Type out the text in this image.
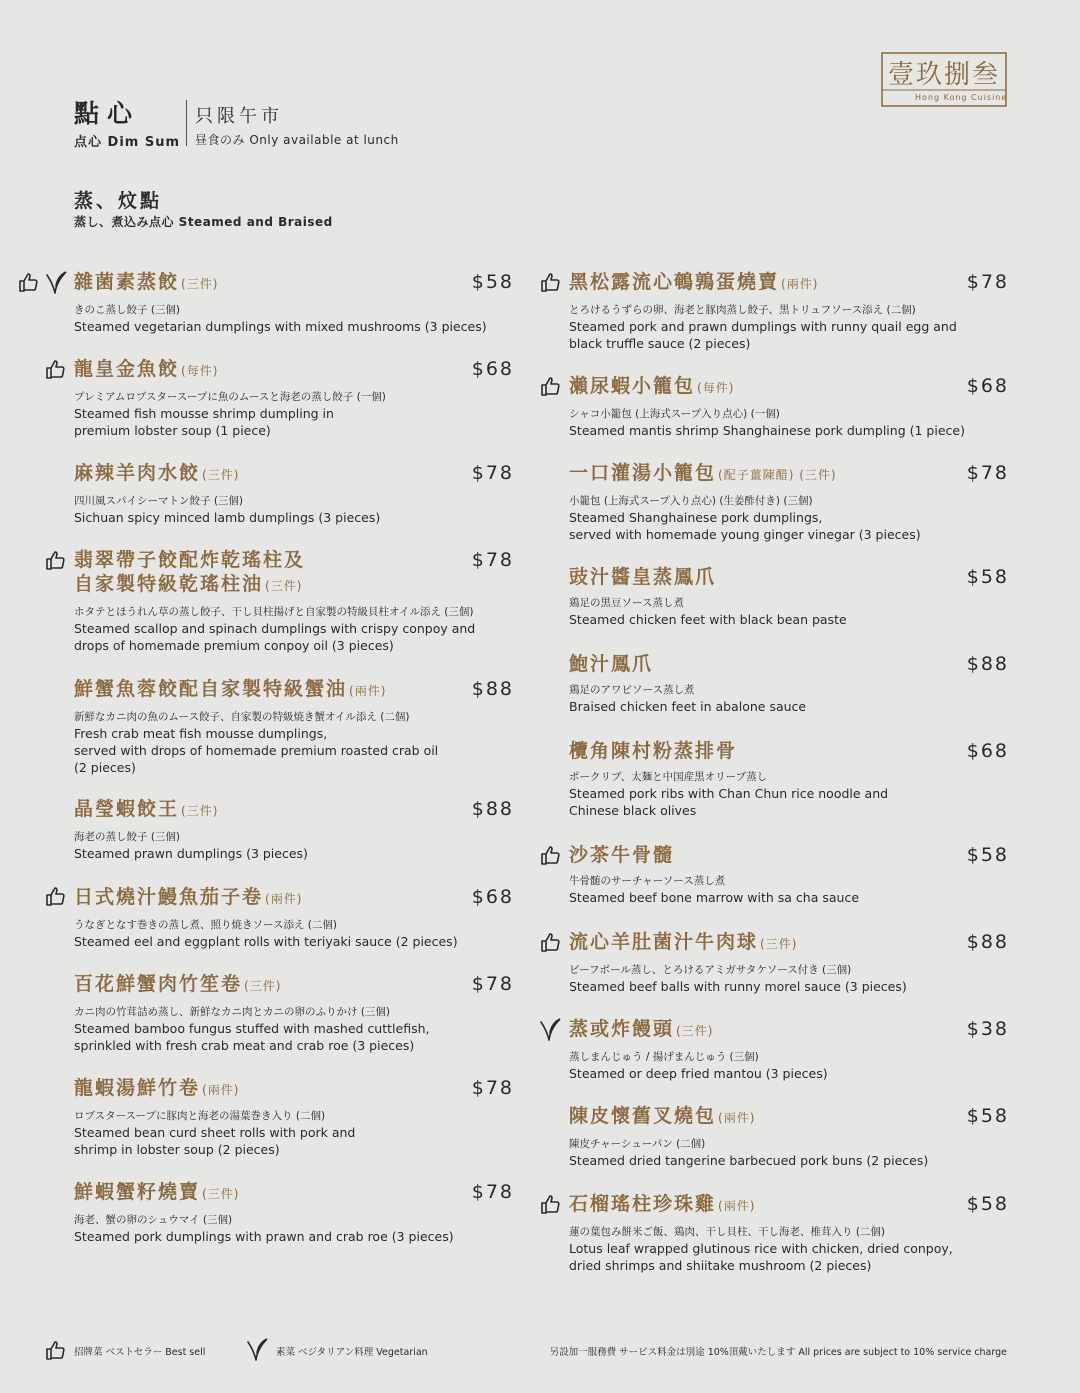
壹玖捌叁
Hong Kong Cuisine
點心
点心 Dim Sum
只限午市
昼食のみ Only available at lunch
蒸、炆點
蒸し、煮込み点心 Steamed and Braised
雜菌素蒸餃 (三件)	$58
きのこ蒸し餃子 (三個)
Steamed vegetarian dumplings with mixed mushrooms (3 pieces)
龍皇金魚餃 (每件)	$68
プレミアムロブスタースープに魚のムースと海老の蒸し餃子 (一個)
Steamed fish mousse shrimp dumpling in
premium lobster soup (1 piece)
麻辣羊肉水餃 (三件)	$78
四川風スパイシーマトン餃子 (三個)
Sichuan spicy minced lamb dumplings (3 pieces)
翡翠帶子餃配炸乾瑤柱及
自家製特級乾瑤柱油 (三件)
$78
ホタテとほうれん草の蒸し餃子、干し貝柱揚げと自家製の特級貝柱オイル添え (三個)
Steamed scallop and spinach dumplings with crispy conpoy and
drops of homemade premium conpoy oil (3 pieces)
鮮蟹魚蓉餃配自家製特級蟹油 (兩件)	$88
新鮮なカニ肉の魚のムース餃子、自家製の特級焼き蟹オイル添え (二個)
Fresh crab meat fish mousse dumplings,
served with drops of homemade premium roasted crab oil
(2 pieces)
晶瑩蝦餃王 (三件)	$88
海老の蒸し餃子 (三個)
Steamed prawn dumplings (3 pieces)
日式燒汁鰻魚茄子卷 (兩件)	$68
うなぎとなす巻きの蒸し煮、照り焼きソース添え (二個)
Steamed eel and eggplant rolls with teriyaki sauce (2 pieces)
百花鮮蟹肉竹笙卷 (三件)	$78
カニ肉の竹茸詰め蒸し、新鮮なカニ肉とカニの卵のふりかけ (三個)
Steamed bamboo fungus stuffed with mashed cuttlefish,
sprinkled with fresh crab meat and crab roe (3 pieces)
龍蝦湯鮮竹卷 (兩件)	$78
ロブスタースープに豚肉と海老の湯葉巻き入り (二個)
Steamed bean curd sheet rolls with pork and
shrimp in lobster soup (2 pieces)
鮮蝦蟹籽燒賣 (三件)	$78
海老、蟹の卵のシュウマイ (三個)
Steamed pork dumplings with prawn and crab roe (3 pieces)
黑松露流心鵪鶉蛋燒賣 (兩件)	$78
とろけるうずらの卵、海老と豚肉蒸し餃子、黒トリュフソース添え (二個)
Steamed pork and prawn dumplings with runny quail egg and
black truffle sauce (2 pieces)
瀨尿蝦小籠包 (每件)	$68
シャコ小籠包 (上海式スープ入り点心) (一個)
Steamed mantis shrimp Shanghainese pork dumpling (1 piece)
一口灌湯小籠包 (配子薑陳醋) (三件)	$78
小籠包 (上海式スープ入り点心) (生姜酢付き) (三個)
Steamed Shanghainese pork dumplings,
served with homemade young ginger vinegar (3 pieces)
豉汁醬皇蒸鳳爪	$58
鶏足の黒豆ソース蒸し煮
Steamed chicken feet with black bean paste
鮑汁鳳爪	$88
鶏足のアワビソース蒸し煮
Braised chicken feet in abalone sauce
欖角陳村粉蒸排骨	$68
ポークリブ、太麺と中国産黒オリーブ蒸し
Steamed pork ribs with Chan Chun rice noodle and
Chinese black olives
沙茶牛骨髓	$58
牛骨髄のサーチャーソース蒸し煮
Steamed beef bone marrow with sa cha sauce
流心羊肚菌汁牛肉球 (三件)	$88
ビーフボール蒸し、とろけるアミガサタケソース付き (三個)
Steamed beef balls with runny morel sauce (3 pieces)
蒸或炸饅頭 (三件)	$38
蒸しまんじゅう / 揚げまんじゅう (三個)
Steamed or deep fried mantou (3 pieces)
陳皮懷舊叉燒包 (兩件)	$58
陳皮チャーシューパン (二個)
Steamed dried tangerine barbecued pork buns (2 pieces)
石榴瑤柱珍珠雞 (兩件)	$58
蓮の葉包み餅米ご飯、鶏肉、干し貝柱、干し海老、椎茸入り (二個)
Lotus leaf wrapped glutinous rice with chicken, dried conpoy,
dried shrimps and shiitake mushroom (2 pieces)
招牌菜 ベストセラー Best sell	素菜 ベジタリアン料理 Vegetarian	另設加一服務費 サービス料金は別途 10%頂戴いたします All prices are subject to 10% service charge
